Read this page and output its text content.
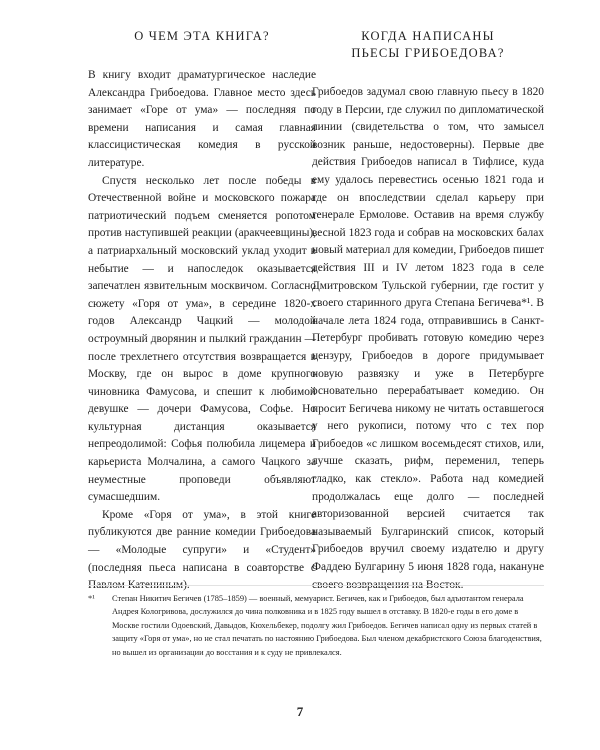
О ЧЕМ ЭТА КНИГА?

В книгу входит драматургическое наследие Александра Грибоедова. Главное место здесь занимает «Горе от ума» — последняя по времени написания и самая главная классицистическая комедия в русской литературе.

Спустя несколько лет после победы в Отечественной войне и московского пожара патриотический подъем сменяется ропотом против наступившей реакции (аракчеевщины), а патриархальный московский уклад уходит в небытие — и напоследок оказывается запечатлен язвительным москвичом. Согласно сюжету «Горя от ума», в середине 1820-х годов Александр Чацкий — молодой остроумный дворянин и пылкий гражданин — после трехлетнего отсутствия возвращается в Москву, где он вырос в доме крупного чиновника Фамусова, и спешит к любимой девушке — дочери Фамусова, Софье. Но культурная дистанция оказывается непреодолимой: Софья полюбила лицемера и карьериста Молчалина, а самого Чацкого за неуместные проповеди объявляют сумасшедшим.

Кроме «Горя от ума», в этой книге публикуются две ранние комедии Грибоедова — «Молодые супруги» и «Студент» (последняя пьеса написана в соавторстве с Павлом Катениным).

КОГДА НАПИСАНЫ
ПЬЕСЫ ГРИБОЕДОВА?

Грибоедов задумал свою главную пьесу в 1820 году в Персии, где служил по дипломатической линии (свидетельства о том, что замысел возник раньше, недостоверны). Первые две действия Грибоедов написал в Тифлисе, куда ему удалось перевестись осенью 1821 года и где он впоследствии сделал карьеру при генерале Ермолове. Оставив на время службу весной 1823 года и собрав на московских балах новый материал для комедии, Грибоедов пишет действия III и IV летом 1823 года в селе Дмитровском Тульской губернии, где гостит у своего старинного друга Степана Бегичева*¹. В начале лета 1824 года, отправившись в Санкт-Петербург пробивать готовую комедию через цензуру, Грибоедов в дороге придумывает новую развязку и уже в Петербурге основательно перерабатывает комедию. Он просит Бегичева никому не читать оставшегося у него рукописи, потому что с тех пор Грибоедов «с лишком восемьдесят стихов, или, лучше сказать, рифм, переменил, теперь гладко, как стекло». Работа над комедией продолжалась еще долго — последней авторизованной версией считается так называемый Булгаринский список, который Грибоедов вручил своему издателю и другу Фаддею Булгарину 5 июня 1828 года, накануне своего возвращения на Восток.

*¹	Степан Никитич Бегичев (1785–1859) — военный, мемуарист. Бегичев, как и Грибоедов, был адъютантом генерала Андрея Кологривова, дослужился до чина полковника и в 1825 году вышел в отставку. В 1820-е годы в его доме в Москве гостили Одоевский, Давыдов, Кюхельбекер, подолгу жил Грибоедов. Бегичев написал одну из первых статей в защиту «Горя от ума», но не стал печатать по настоянию Грибоедова. Был членом декабристского Союза благоденствия, но вышел из организации до восстания и к суду не привлекался.

7
